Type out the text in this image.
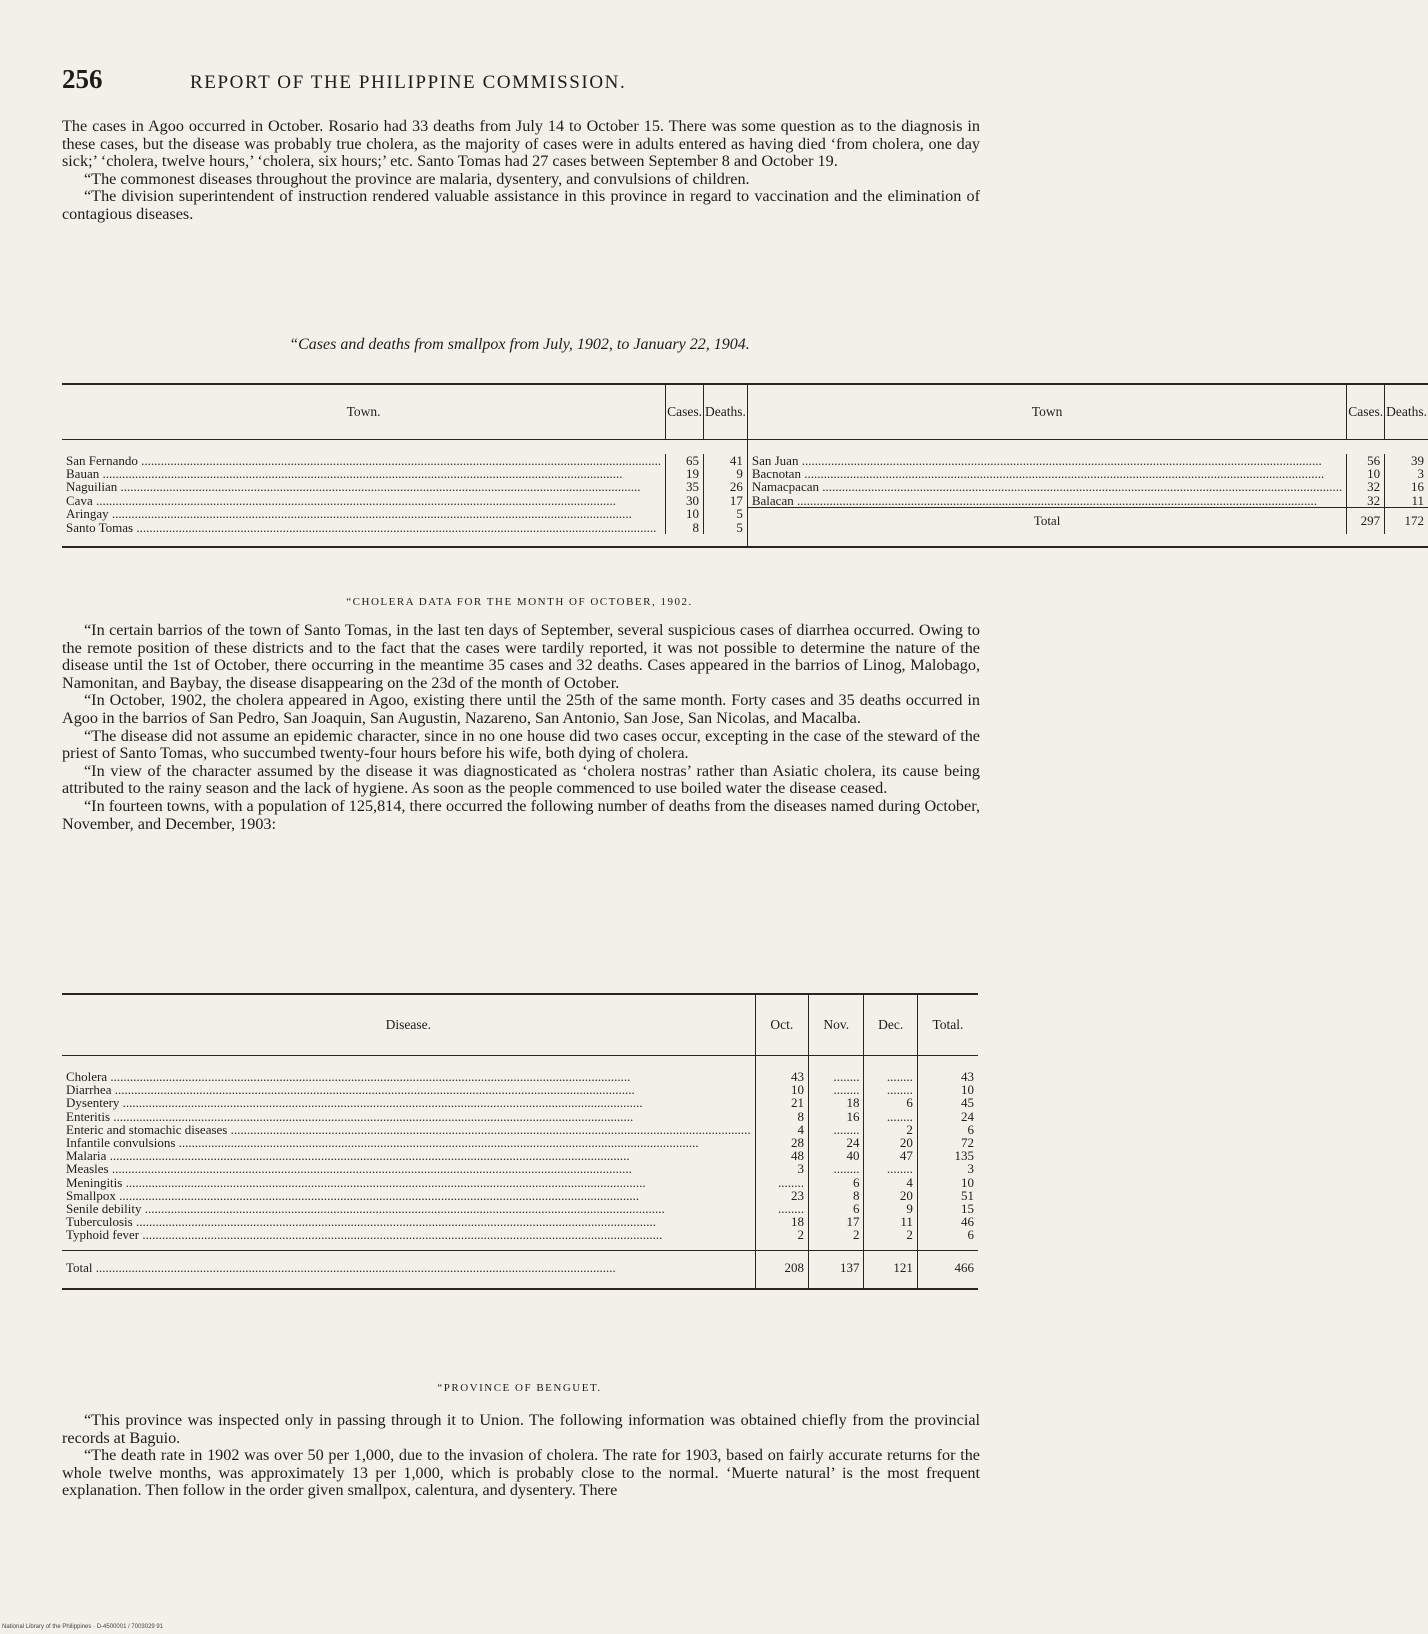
256	REPORT OF THE PHILIPPINE COMMISSION.

The cases in Agoo occurred in October. Rosario had 33 deaths from July 14 to October 15. There was some question as to the diagnosis in these cases, but the disease was probably true cholera, as the majority of cases were in adults entered as having died ‘from cholera, one day sick;’ ‘cholera, twelve hours,’ ‘cholera, six hours;’ etc. Santo Tomas had 27 cases between September 8 and October 19.

“The commonest diseases throughout the province are malaria, dysentery, and convulsions of children.

“The division superintendent of instruction rendered valuable assistance in this province in regard to vaccination and the elimination of contagious diseases.

“Cases and deaths from smallpox from July, 1902, to January 22, 1904.
Town.	Cases.	Deaths.	Town	Cases.	Deaths.

San Fernando ................................................................................................................................................................	65	41	San Juan ................................................................................................................................................................	56	39
Bauan ................................................................................................................................................................	19	9	Bacnotan ................................................................................................................................................................	10	3
Naguilian ................................................................................................................................................................	35	26	Namacpacan ................................................................................................................................................................	32	16
Cava ................................................................................................................................................................	30	17	Balacan ................................................................................................................................................................	32	11
Aringay ................................................................................................................................................................	10	5	Total	297	172
Santo Tomas ................................................................................................................................................................	8	5			

“CHOLERA DATA FOR THE MONTH OF OCTOBER, 1902.

“In certain barrios of the town of Santo Tomas, in the last ten days of September, several suspicious cases of diarrhea occurred. Owing to the remote position of these districts and to the fact that the cases were tardily reported, it was not possible to determine the nature of the disease until the 1st of October, there occurring in the meantime 35 cases and 32 deaths. Cases appeared in the barrios of Linog, Malobago, Namonitan, and Baybay, the disease disappearing on the 23d of the month of October.

“In October, 1902, the cholera appeared in Agoo, existing there until the 25th of the same month. Forty cases and 35 deaths occurred in Agoo in the barrios of San Pedro, San Joaquin, San Augustin, Nazareno, San Antonio, San Jose, San Nicolas, and Macalba.

“The disease did not assume an epidemic character, since in no one house did two cases occur, excepting in the case of the steward of the priest of Santo Tomas, who succumbed twenty-four hours before his wife, both dying of cholera.

“In view of the character assumed by the disease it was diagnosticated as ‘cholera nostras’ rather than Asiatic cholera, its cause being attributed to the rainy season and the lack of hygiene. As soon as the people commenced to use boiled water the disease ceased.

“In fourteen towns, with a population of 125,814, there occurred the following number of deaths from the diseases named during October, November, and December, 1903:

Disease.	Oct.	Nov.	Dec.	Total.

Cholera ................................................................................................................................................................	43	........	........	43
Diarrhea ................................................................................................................................................................	10	........	........	10
Dysentery ................................................................................................................................................................	21	18	6	45
Enteritis ................................................................................................................................................................	8	16	........	24
Enteric and stomachic diseases ................................................................................................................................................................	4	........	2	6
Infantile convulsions ................................................................................................................................................................	28	24	20	72
Malaria ................................................................................................................................................................	48	40	47	135
Measles ................................................................................................................................................................	3	........	........	3
Meningitis ................................................................................................................................................................	........	6	4	10
Smallpox ................................................................................................................................................................	23	8	20	51
Senile debility ................................................................................................................................................................	........	6	9	15
Tuberculosis ................................................................................................................................................................	18	17	11	46
Typhoid fever ................................................................................................................................................................	2	2	2	6

Total ................................................................................................................................................................	208	137	121	466
“PROVINCE OF BENGUET.

“This province was inspected only in passing through it to Union. The following information was obtained chiefly from the provincial records at Baguio.

“The death rate in 1902 was over 50 per 1,000, due to the invasion of cholera. The rate for 1903, based on fairly accurate returns for the whole twelve months, was approximately 13 per 1,000, which is probably close to the normal. ‘Muerte natural’ is the most frequent explanation. Then follow in the order given smallpox, calentura, and dysentery. There

National Library of the Philippines · D-4500001 / 7003029 91
